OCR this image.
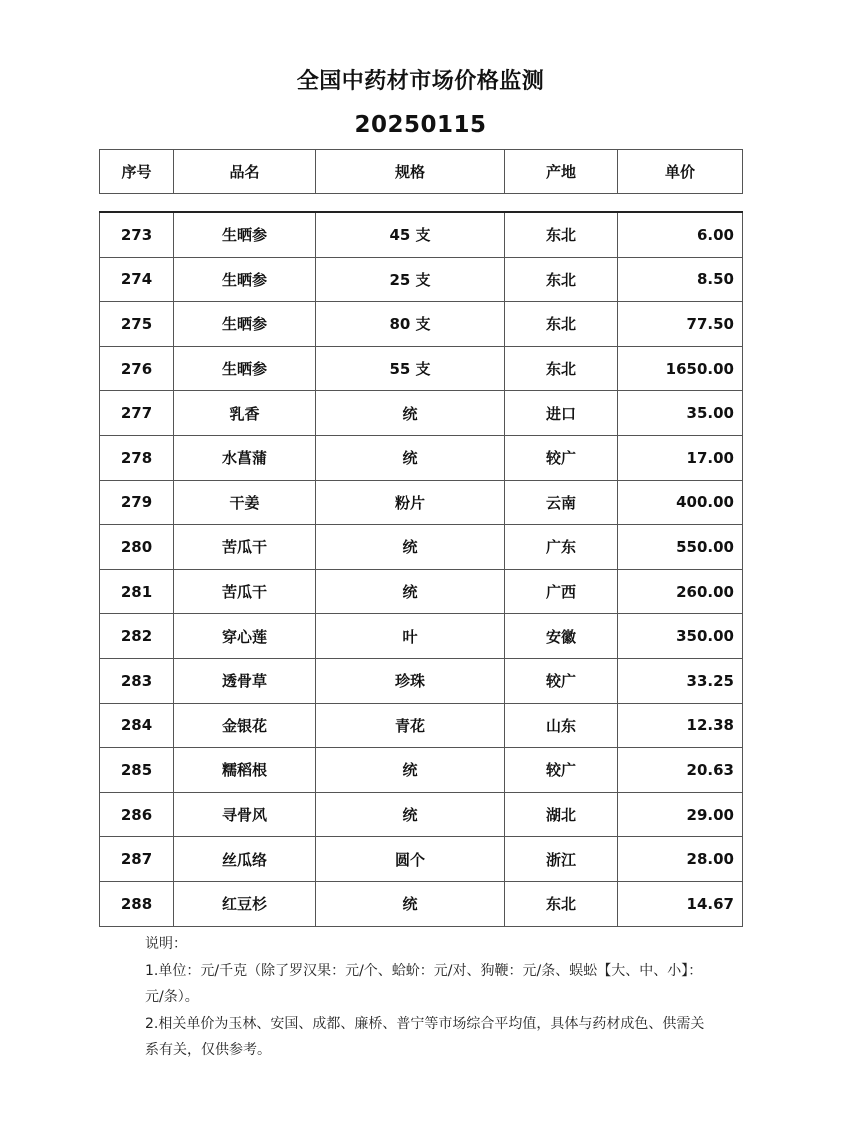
全国中药材市场价格监测
20250115
序号	品名	规格	产地	单价
273	生晒参	45 支	东北	6.00
274	生晒参	25 支	东北	8.50
275	生晒参	80 支	东北	77.50
276	生晒参	55 支	东北	1650.00
277	乳香	统	进口	35.00
278	水菖蒲	统	较广	17.00
279	干姜	粉片	云南	400.00
280	苦瓜干	统	广东	550.00
281	苦瓜干	统	广西	260.00
282	穿心莲	叶	安徽	350.00
283	透骨草	珍珠	较广	33.25
284	金银花	青花	山东	12.38
285	糯稻根	统	较广	20.63
286	寻骨风	统	湖北	29.00
287	丝瓜络	圆个	浙江	28.00
288	红豆杉	统	东北	14.67

说明：

1.单位：元/千克（除了罗汉果：元/个、蛤蚧：元/对、狗鞭：元/条、蜈蚣【大、中、小】：元/条）。

2.相关单价为玉林、安国、成都、廉桥、普宁等市场综合平均值，具体与药材成色、供需关系有关，仅供参考。
